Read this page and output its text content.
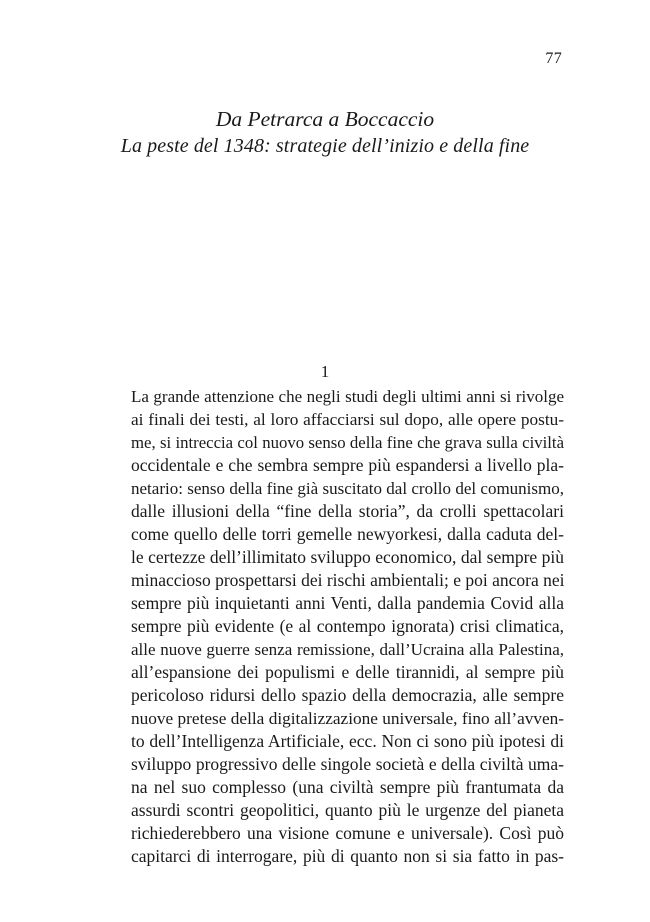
77
Da Petrarca a Boccaccio
La peste del 1348: strategie dell’inizio e della fine
1
La grande attenzione che negli studi degli ultimi anni si rivolge
ai finali dei testi, al loro affacciarsi sul dopo, alle opere postu-
me, si intreccia col nuovo senso della fine che grava sulla civiltà
occidentale e che sembra sempre più espandersi a livello pla-
netario: senso della fine già suscitato dal crollo del comunismo,
dalle illusioni della “fine della storia”, da crolli spettacolari
come quello delle torri gemelle newyorkesi, dalla caduta del-
le certezze dell’illimitato sviluppo economico, dal sempre più
minaccioso prospettarsi dei rischi ambientali; e poi ancora nei
sempre più inquietanti anni Venti, dalla pandemia Covid alla
sempre più evidente (e al contempo ignorata) crisi climatica,
alle nuove guerre senza remissione, dall’Ucraina alla Palestina,
all’espansione dei populismi e delle tirannidi, al sempre più
pericoloso ridursi dello spazio della democrazia, alle sempre
nuove pretese della digitalizzazione universale, fino all’avven-
to dell’Intelligenza Artificiale, ecc. Non ci sono più ipotesi di
sviluppo progressivo delle singole società e della civiltà uma-
na nel suo complesso (una civiltà sempre più frantumata da
assurdi scontri geopolitici, quanto più le urgenze del pianeta
richiederebbero una visione comune e universale). Così può
capitarci di interrogare, più di quanto non si sia fatto in pas-
